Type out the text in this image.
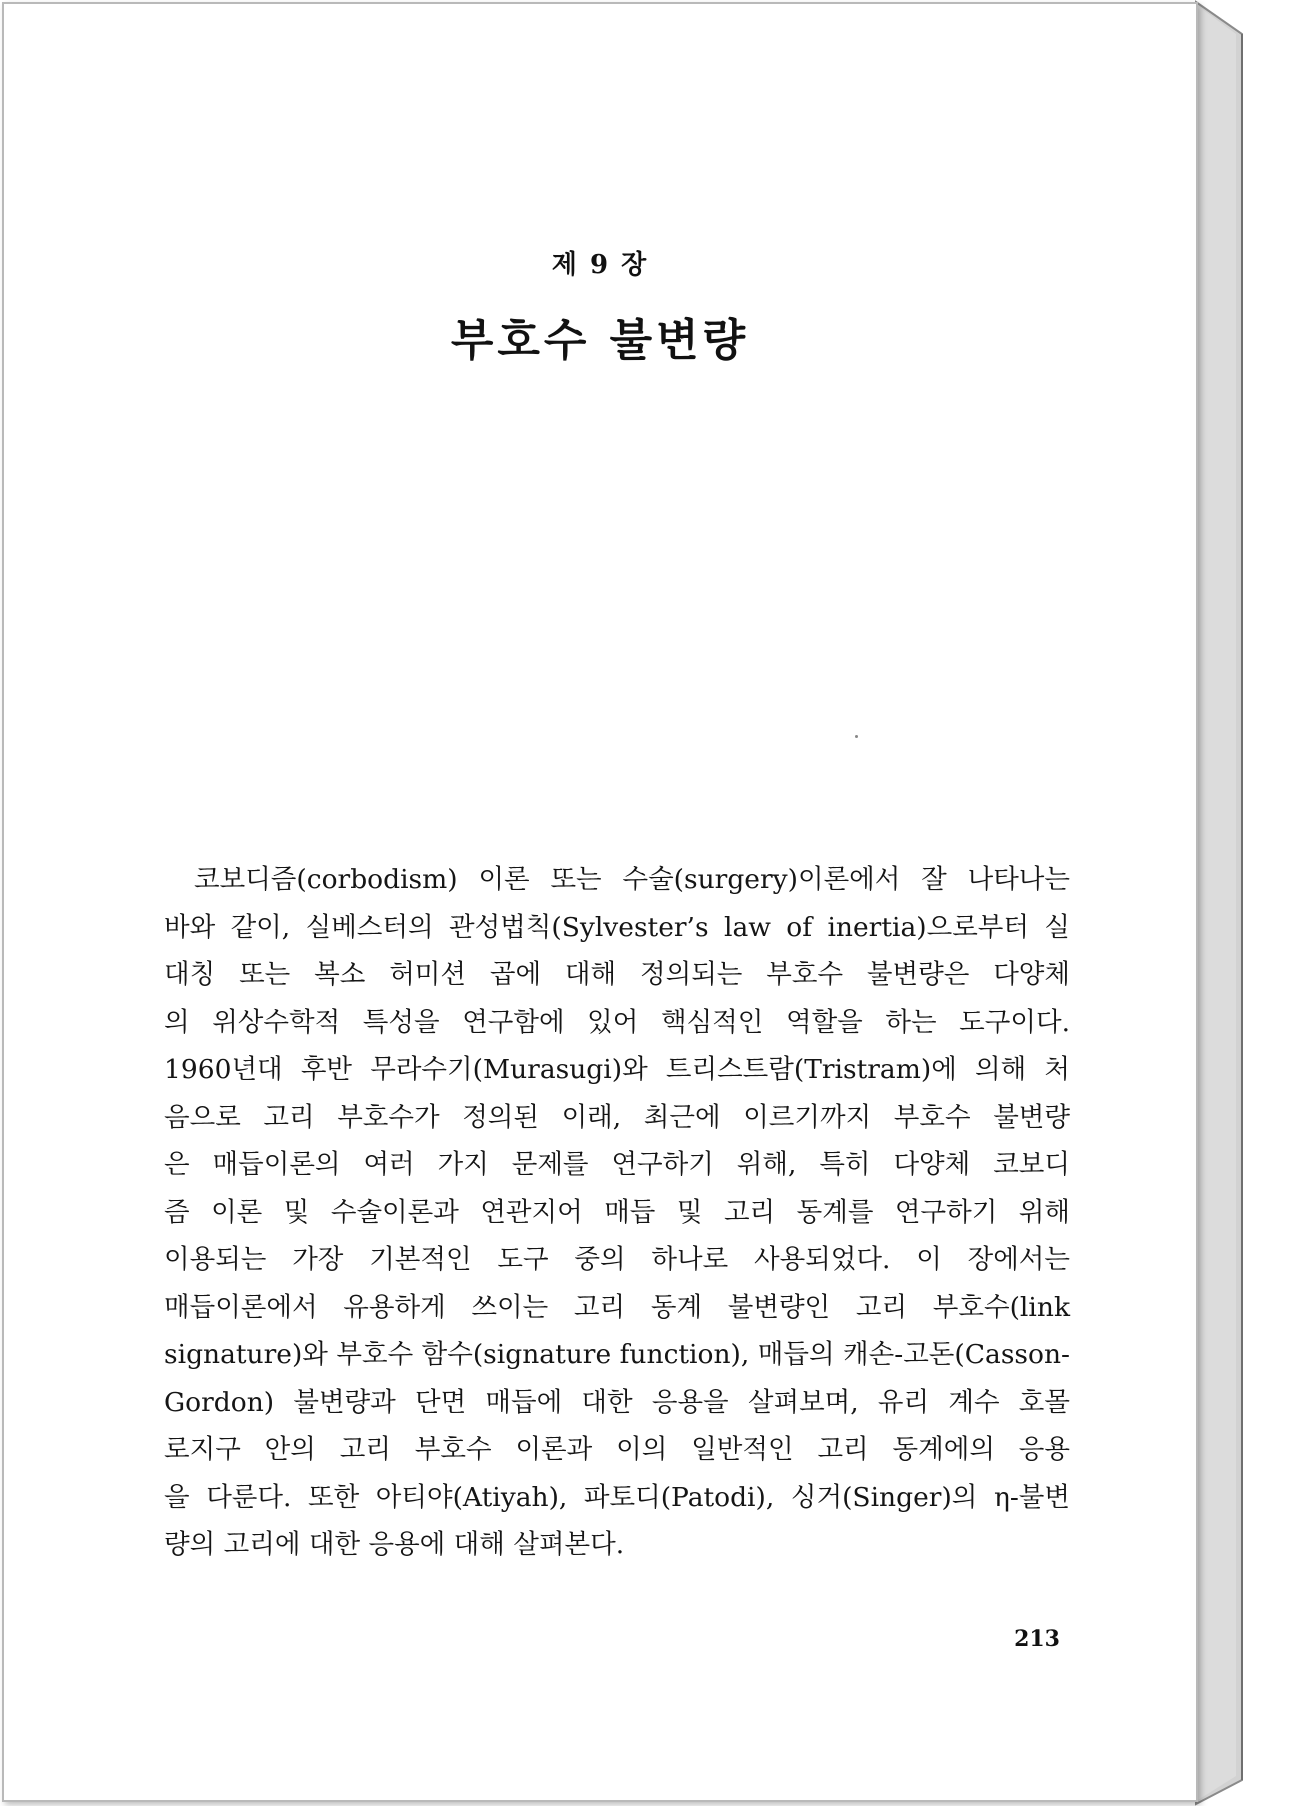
제 9 장
부호수 불변량
코보디즘(corbodism) 이론 또는 수술(surgery)이론에서 잘 나타나는
바와 같이, 실베스터의 관성법칙(Sylvester’s law of inertia)으로부터 실
대칭 또는 복소 허미션 곱에 대해 정의되는 부호수 불변량은 다양체
의 위상수학적 특성을 연구함에 있어 핵심적인 역할을 하는 도구이다.
1960년대 후반 무라수기(Murasugi)와 트리스트람(Tristram)에 의해 처
음으로 고리 부호수가 정의된 이래, 최근에 이르기까지 부호수 불변량
은 매듭이론의 여러 가지 문제를 연구하기 위해, 특히 다양체 코보디
즘 이론 및 수술이론과 연관지어 매듭 및 고리 동계를 연구하기 위해
이용되는 가장 기본적인 도구 중의 하나로 사용되었다. 이 장에서는
매듭이론에서 유용하게 쓰이는 고리 동계 불변량인 고리 부호수(link
signature)와 부호수 함수(signature function), 매듭의 캐손-고돈(Casson-
Gordon) 불변량과 단면 매듭에 대한 응용을 살펴보며, 유리 계수 호몰
로지구 안의 고리 부호수 이론과 이의 일반적인 고리 동계에의 응용
을 다룬다. 또한 아티야(Atiyah), 파토디(Patodi), 싱거(Singer)의 η-불변
량의 고리에 대한 응용에 대해 살펴본다.
213
